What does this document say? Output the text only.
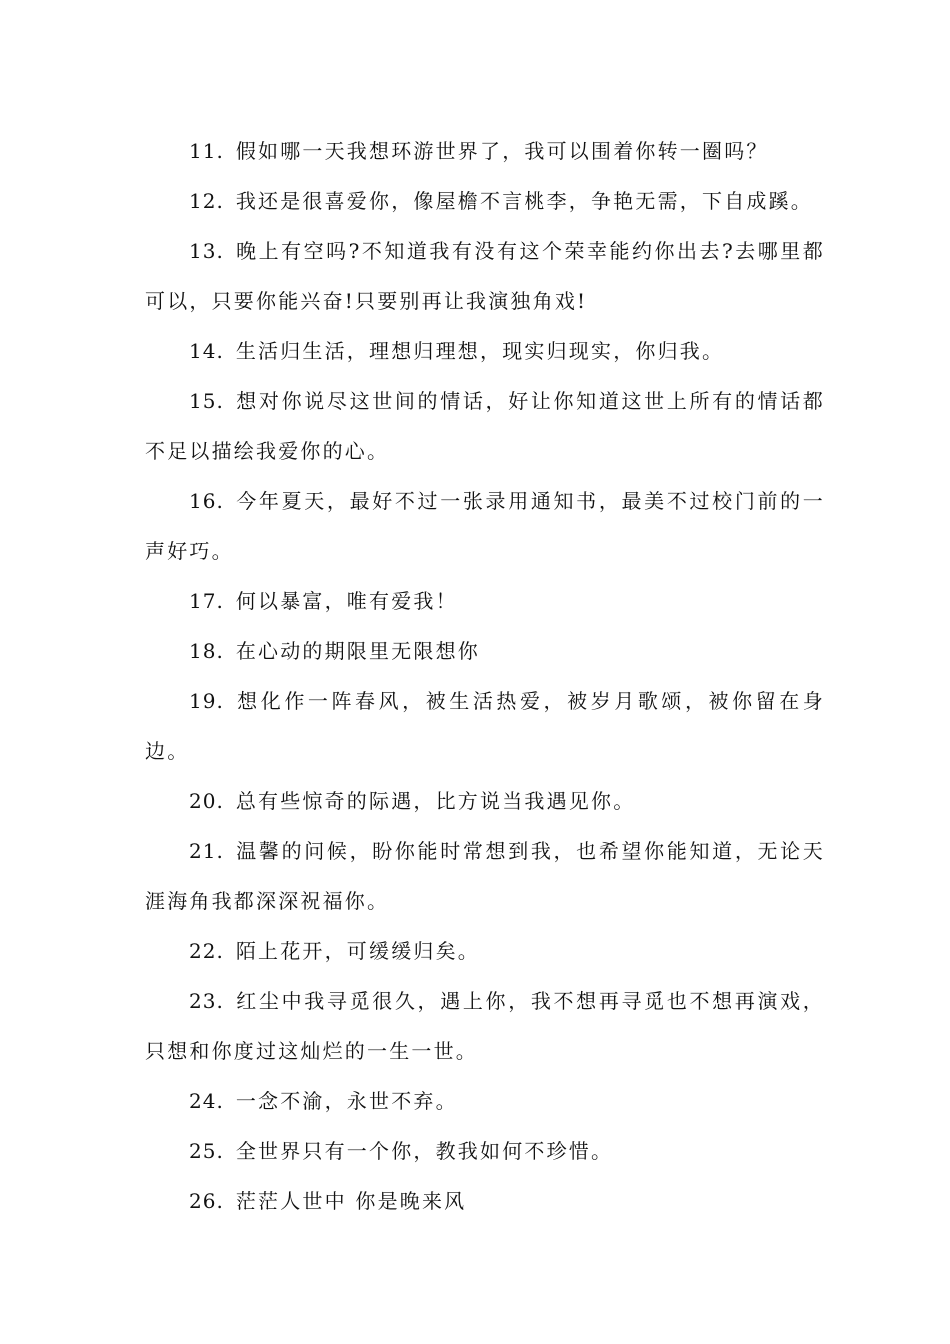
11. 假如哪一天我想环游世界了，我可以围着你转一圈吗？

12. 我还是很喜爱你，像屋檐不言桃李，争艳无需，下自成蹊。

13. 晚上有空吗?不知道我有没有这个荣幸能约你出去?去哪里都可以，只要你能兴奋!只要别再让我演独角戏!

14. 生活归生活，理想归理想，现实归现实，你归我。

15. 想对你说尽这世间的情话，好让你知道这世上所有的情话都不足以描绘我爱你的心。

16. 今年夏天，最好不过一张录用通知书，最美不过校门前的一声好巧。

17. 何以暴富，唯有爱我！

18. 在心动的期限里无限想你

19. 想化作一阵春风，被生活热爱，被岁月歌颂，被你留在身边。

20. 总有些惊奇的际遇，比方说当我遇见你。

21. 温馨的问候，盼你能时常想到我，也希望你能知道，无论天涯海角我都深深祝福你。

22. 陌上花开，可缓缓归矣。

23. 红尘中我寻觅很久，遇上你，我不想再寻觅也不想再演戏，只想和你度过这灿烂的一生一世。

24. 一念不渝，永世不弃。

25. 全世界只有一个你，教我如何不珍惜。

26. 茫茫人世中 你是晚来风
